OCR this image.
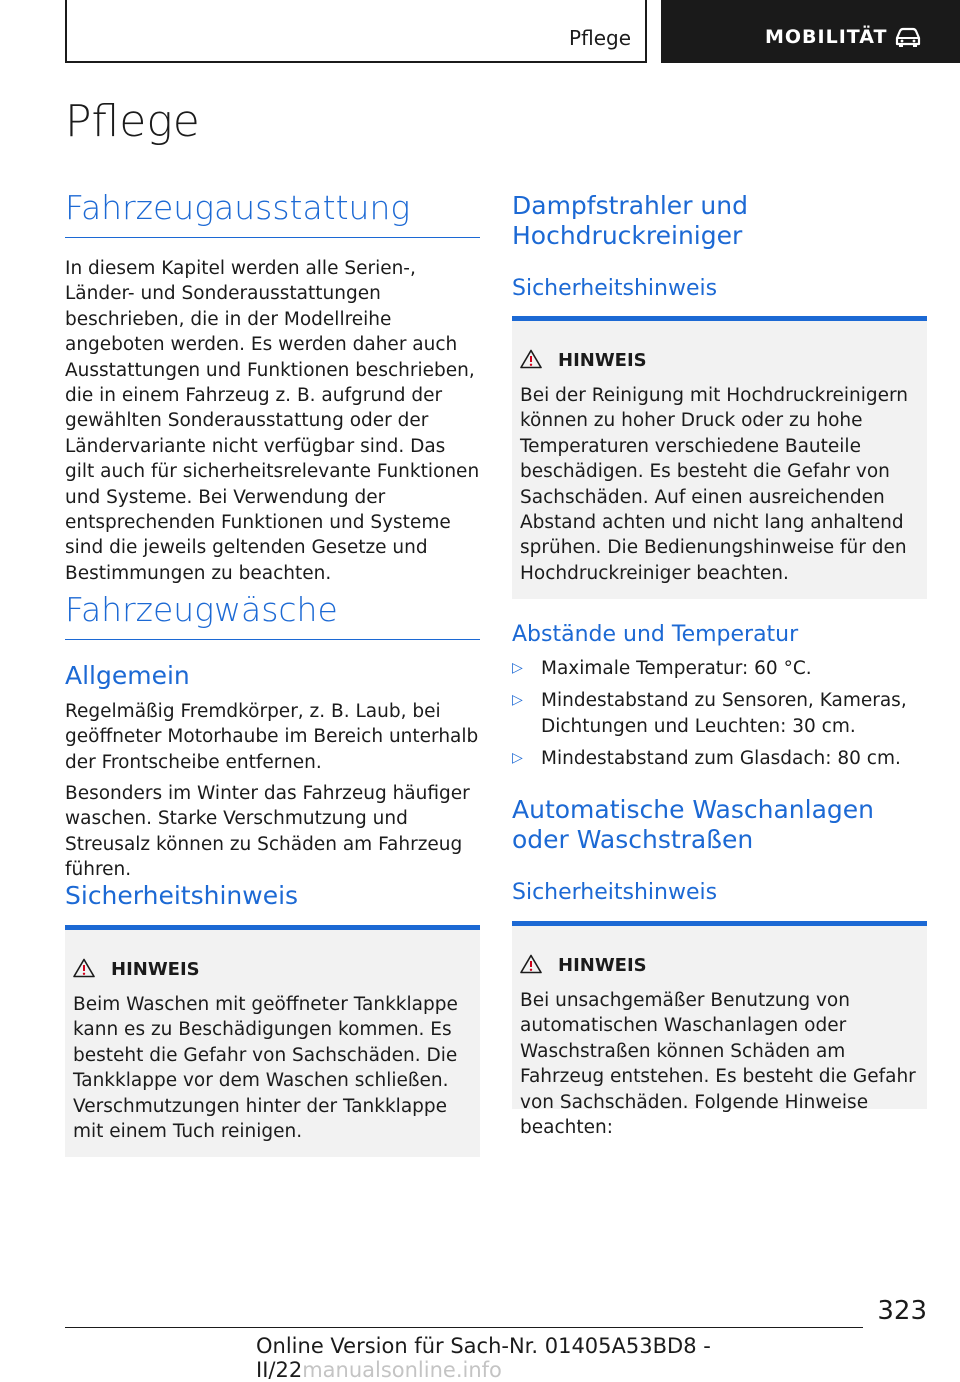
Pflege	MOBILITÄT
Pflege
Fahrzeugausstattung
In diesem Kapitel werden alle Serien-, Länder- und Sonderausstattungen beschrieben, die in der Modellreihe angeboten werden. Es werden daher auch Ausstattungen und Funktionen beschrieben, die in einem Fahrzeug z. B. aufgrund der gewählten Sonderausstattung oder der Ländervariante nicht verfügbar sind. Das gilt auch für sicherheitsrelevante Funktionen und Systeme. Bei Verwendung der entsprechenden Funktionen und Systeme sind die jeweils geltenden Gesetze und Bestimmungen zu beachten.
Fahrzeugwäsche
Allgemein
Regelmäßig Fremdkörper, z. B. Laub, bei geöffneter Motorhaube im Bereich unterhalb der Frontscheibe entfernen.
Besonders im Winter das Fahrzeug häufiger waschen. Starke Verschmutzung und Streusalz können zu Schäden am Fahrzeug führen.
Sicherheitshinweis
HINWEIS
Beim Waschen mit geöffneter Tankklappe kann es zu Beschädigungen kommen. Es besteht die Gefahr von Sachschäden. Die Tankklappe vor dem Waschen schließen. Verschmutzungen hinter der Tankklappe mit einem Tuch reinigen.
Dampfstrahler und Hochdruckreiniger
Sicherheitshinweis
HINWEIS
Bei der Reinigung mit Hochdruckreinigern können zu hoher Druck oder zu hohe Temperaturen verschiedene Bauteile beschädigen. Es besteht die Gefahr von Sachschäden. Auf einen ausreichenden Abstand achten und nicht lang anhaltend sprühen. Die Bedienungshinweise für den Hochdruckreiniger beachten.
Abstände und Temperatur
▷ Maximale Temperatur: 60 °C.
▷ Mindestabstand zu Sensoren, Kameras, Dichtungen und Leuchten: 30 cm.
▷ Mindestabstand zum Glasdach: 80 cm.
Automatische Waschanlagen oder Waschstraßen
Sicherheitshinweis
HINWEIS
Bei unsachgemäßer Benutzung von automatischen Waschanlagen oder Waschstraßen können Schäden am Fahrzeug entstehen. Es besteht die Gefahr von Sachschäden. Folgende Hinweise beachten:
323
Online Version für Sach-Nr. 01405A53BD8 - II/22manualsonline.info
